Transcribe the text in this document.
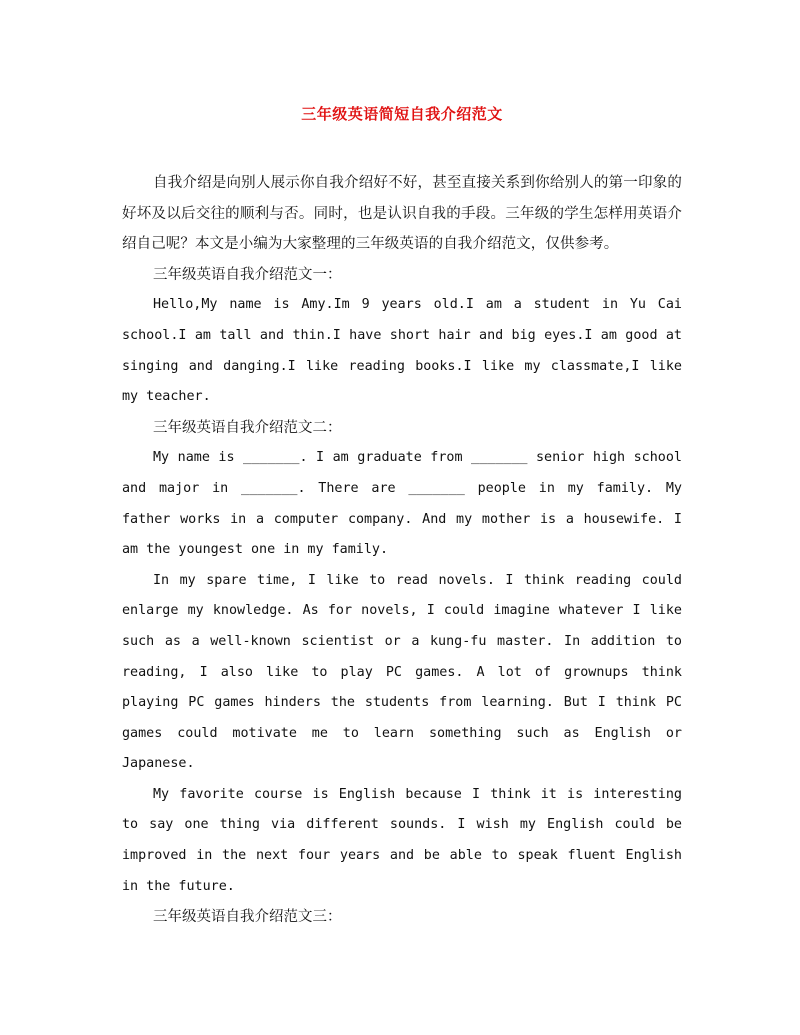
三年级英语简短自我介绍范文

自我介绍是向别人展示你自我介绍好不好，甚至直接关系到你给别人的第一印象的好坏及以后交往的顺利与否。同时，也是认识自我的手段。三年级的学生怎样用英语介绍自己呢？本文是小编为大家整理的三年级英语的自我介绍范文，仅供参考。

三年级英语自我介绍范文一：

Hello,My name is Amy.Im 9 years old.I am a student in Yu Cai school.I am tall and thin.I have short hair and big eyes.I am good at singing and danging.I like reading books.I like my classmate,I like my teacher.

三年级英语自我介绍范文二：

My name is _______. I am graduate from _______ senior high school and major in _______. There are _______ people in my family. My father works in a computer company. And my mother is a housewife. I am the youngest one in my family.

In my spare time, I like to read novels. I think reading could enlarge my knowledge. As for novels, I could imagine whatever I like such as a well-known scientist or a kung-fu master. In addition to reading, I also like to play PC games. A lot of grownups think playing PC games hinders the students from learning. But I think PC games could motivate me to learn something such as English or Japanese.

My favorite course is English because I think it is interesting to say one thing via different sounds. I wish my English could be improved in the next four years and be able to speak fluent English in the future.

三年级英语自我介绍范文三：
